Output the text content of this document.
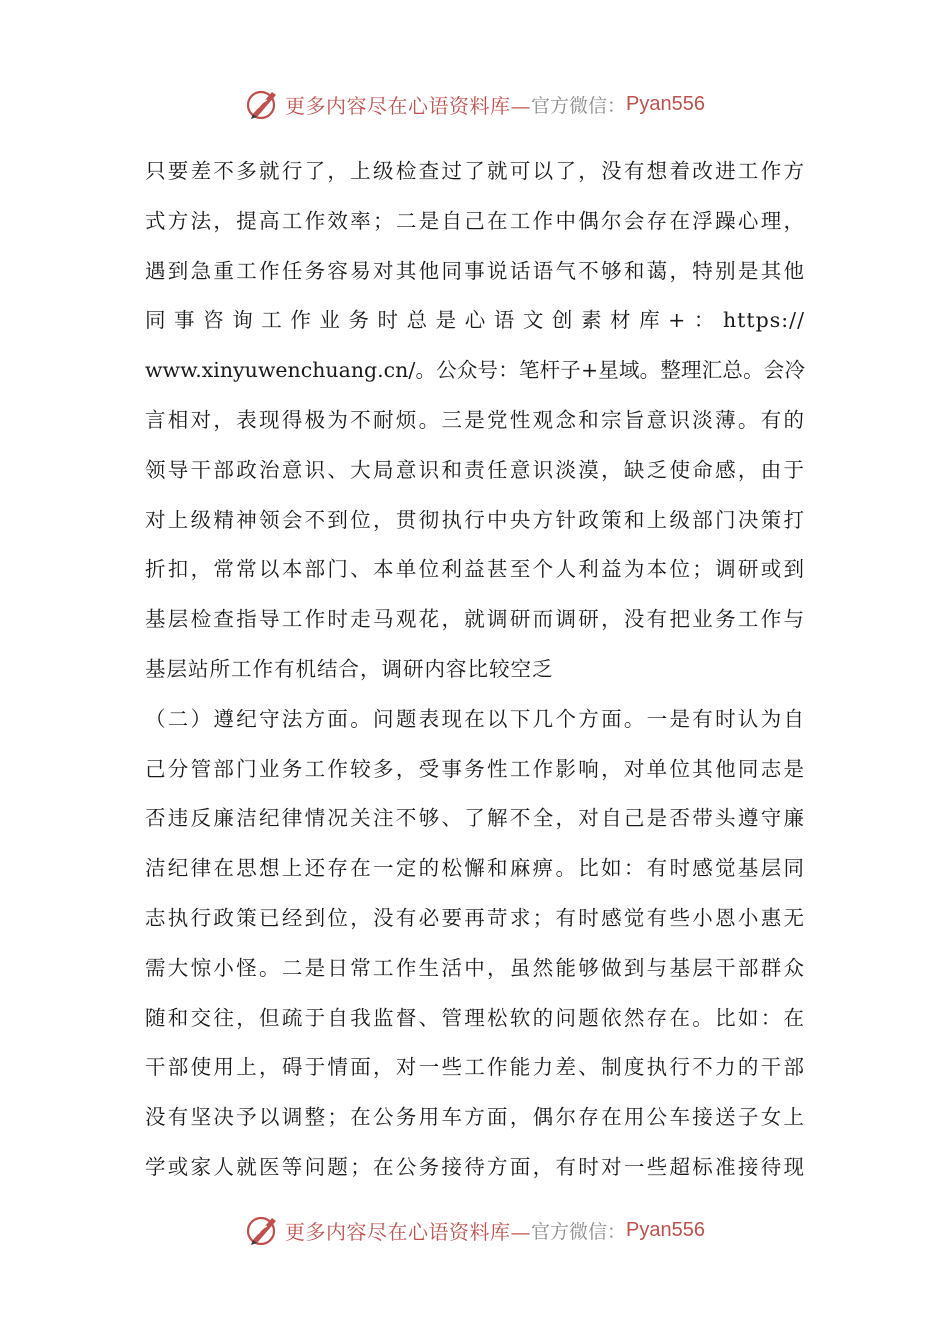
更多内容尽在心语资料库— 官方微信： Pyan556
只要差不多就行了，上级检查过了就可以了，没有想着改进工作方
式方法，提高工作效率；二是自己在工作中偶尔会存在浮躁心理，
遇到急重工作任务容易对其他同事说话语气不够和蔼，特别是其他
同事咨询工作业务时总是心语文创素材库+：https://
www.xinyuwenchuang.cn/。公众号：笔杆子+星域。整理汇总。会冷
言相对，表现得极为不耐烦。三是党性观念和宗旨意识淡薄。有的
领导干部政治意识、大局意识和责任意识淡漠，缺乏使命感，由于
对上级精神领会不到位，贯彻执行中央方针政策和上级部门决策打
折扣，常常以本部门、本单位利益甚至个人利益为本位；调研或到
基层检查指导工作时走马观花，就调研而调研，没有把业务工作与
基层站所工作有机结合，调研内容比较空乏
（二）遵纪守法方面。问题表现在以下几个方面。一是有时认为自
己分管部门业务工作较多，受事务性工作影响，对单位其他同志是
否违反廉洁纪律情况关注不够、了解不全，对自己是否带头遵守廉
洁纪律在思想上还存在一定的松懈和麻痹。比如：有时感觉基层同
志执行政策已经到位，没有必要再苛求；有时感觉有些小恩小惠无
需大惊小怪。二是日常工作生活中，虽然能够做到与基层干部群众
随和交往，但疏于自我监督、管理松软的问题依然存在。比如：在
干部使用上，碍于情面，对一些工作能力差、制度执行不力的干部
没有坚决予以调整；在公务用车方面，偶尔存在用公车接送子女上
学或家人就医等问题；在公务接待方面，有时对一些超标准接待现
更多内容尽在心语资料库— 官方微信： Pyan556
